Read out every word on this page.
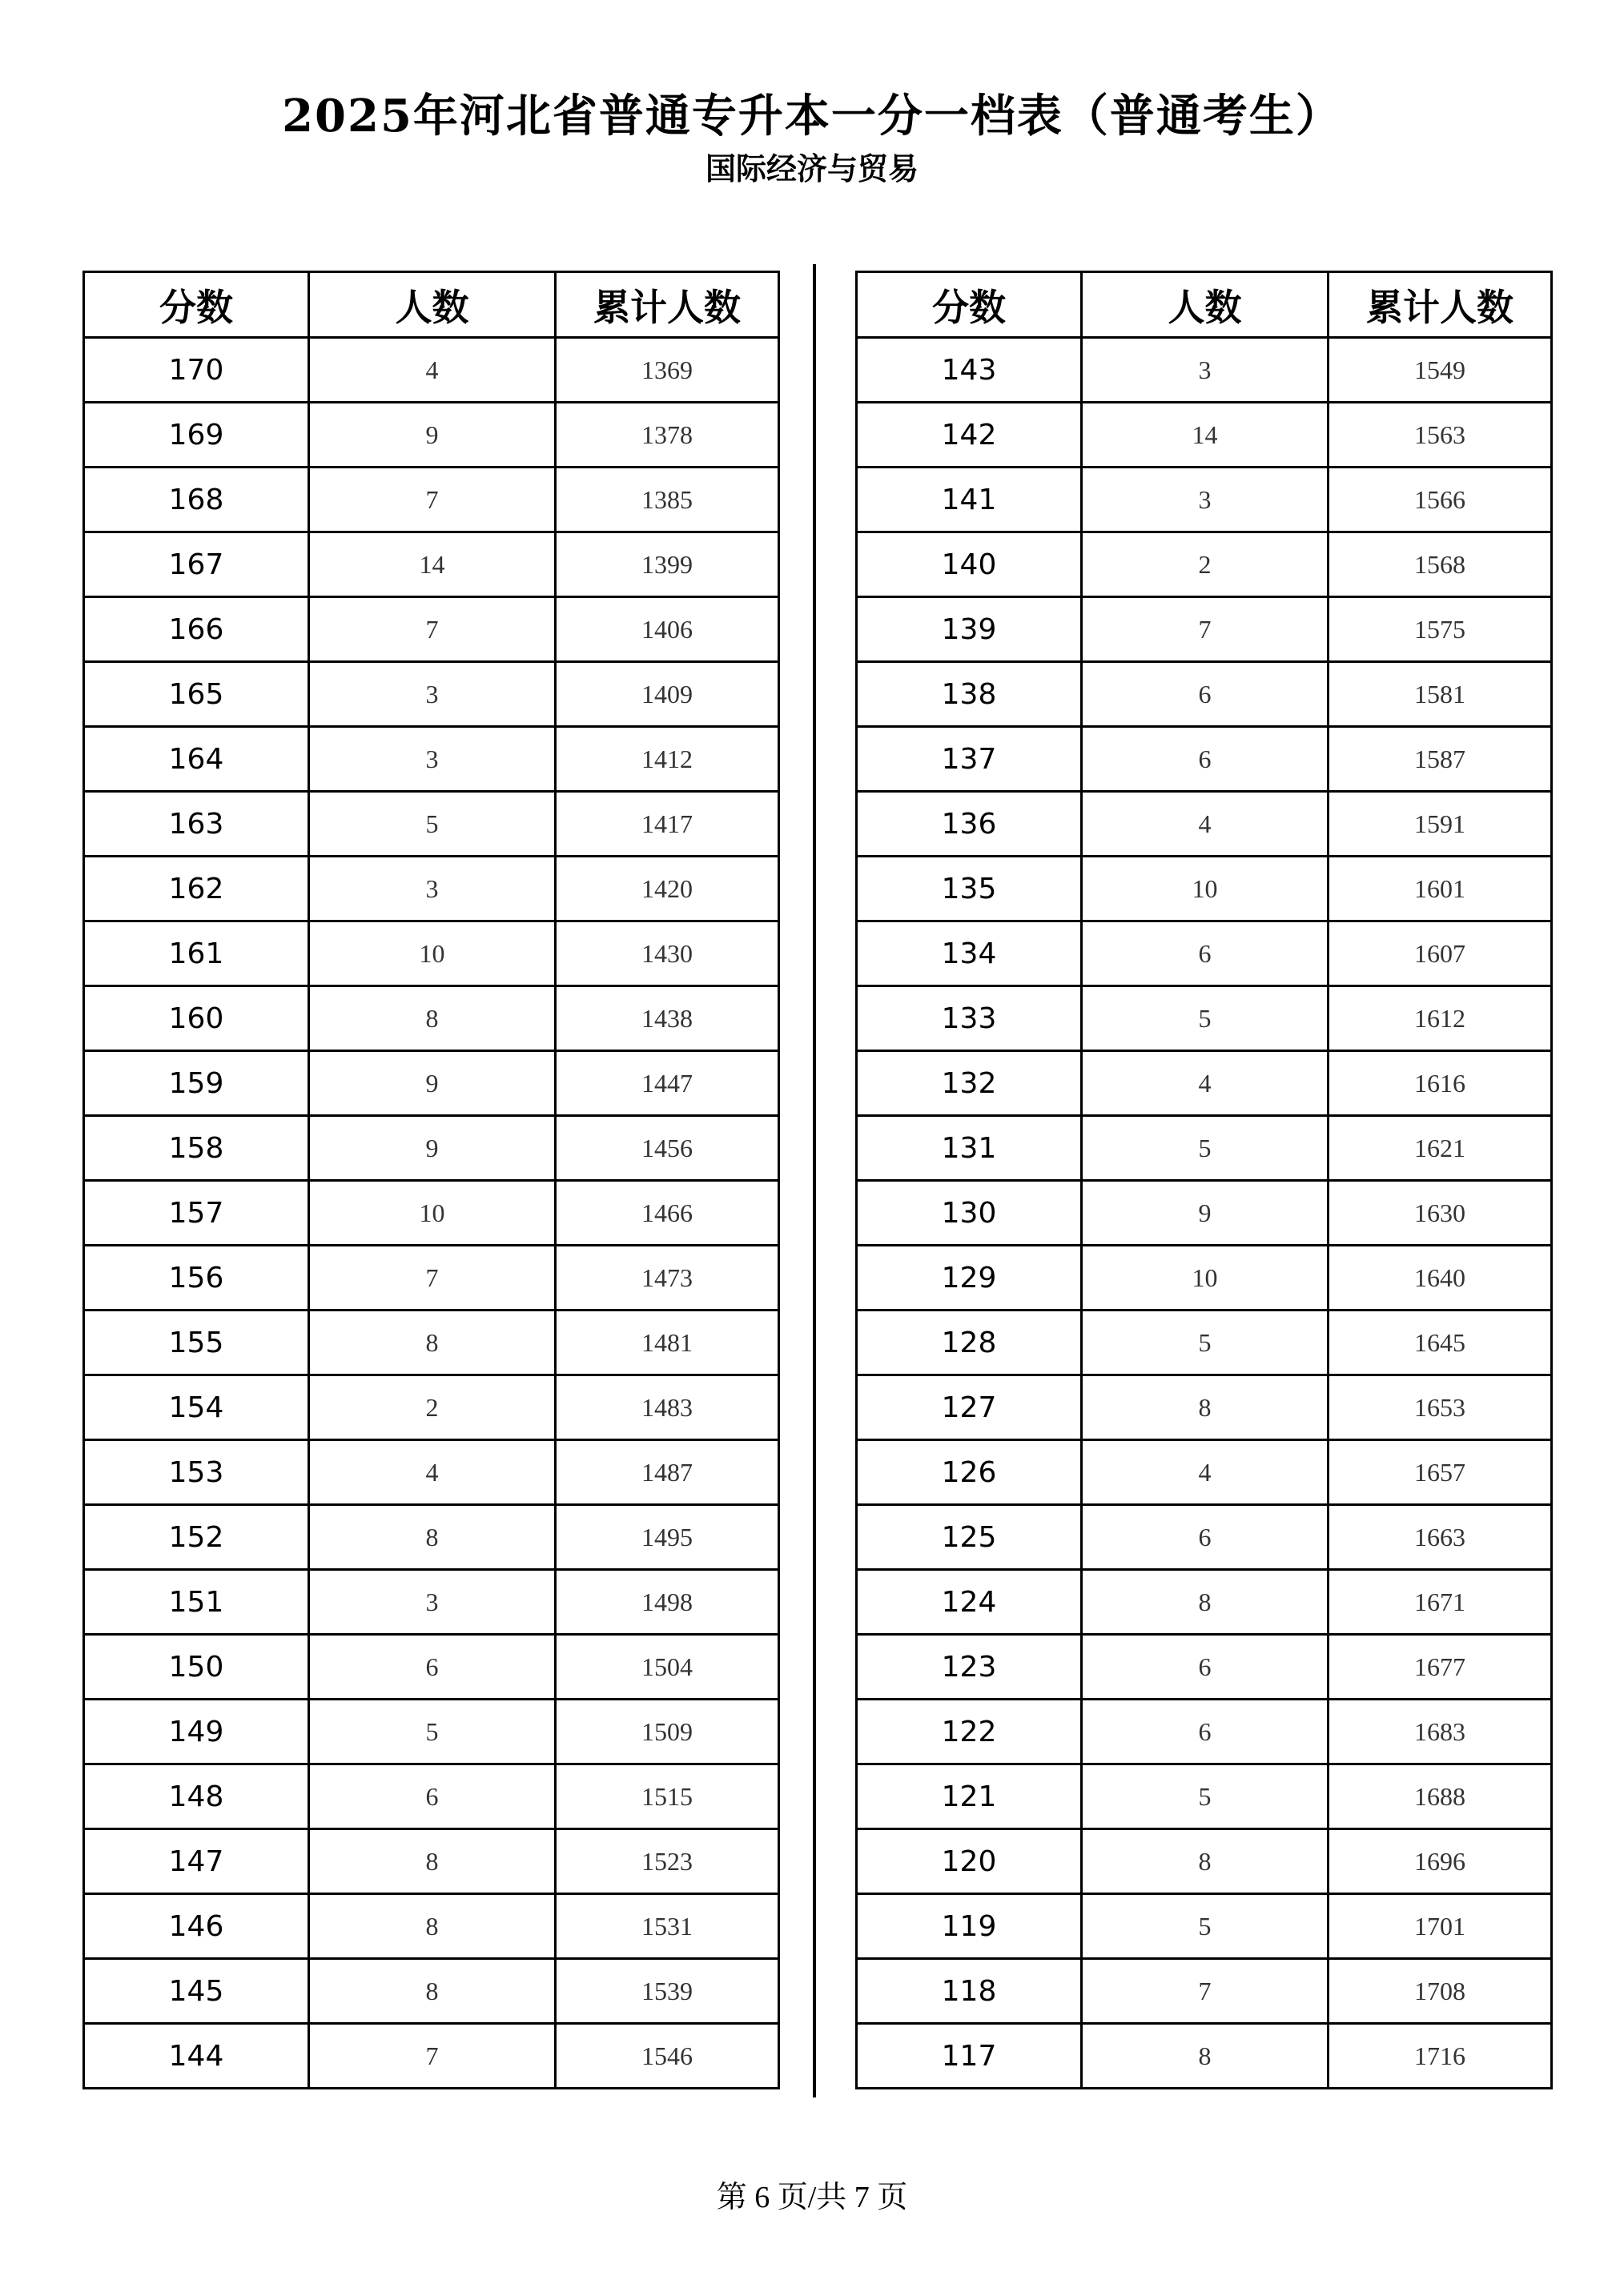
2025年河北省普通专升本一分一档表（普通考生）
国际经济与贸易
分数	人数	累计人数
170	4	1369
169	9	1378
168	7	1385
167	14	1399
166	7	1406
165	3	1409
164	3	1412
163	5	1417
162	3	1420
161	10	1430
160	8	1438
159	9	1447
158	9	1456
157	10	1466
156	7	1473
155	8	1481
154	2	1483
153	4	1487
152	8	1495
151	3	1498
150	6	1504
149	5	1509
148	6	1515
147	8	1523
146	8	1531
145	8	1539
144	7	1546
分数	人数	累计人数
143	3	1549
142	14	1563
141	3	1566
140	2	1568
139	7	1575
138	6	1581
137	6	1587
136	4	1591
135	10	1601
134	6	1607
133	5	1612
132	4	1616
131	5	1621
130	9	1630
129	10	1640
128	5	1645
127	8	1653
126	4	1657
125	6	1663
124	8	1671
123	6	1677
122	6	1683
121	5	1688
120	8	1696
119	5	1701
118	7	1708
117	8	1716
第 6 页/共 7 页
